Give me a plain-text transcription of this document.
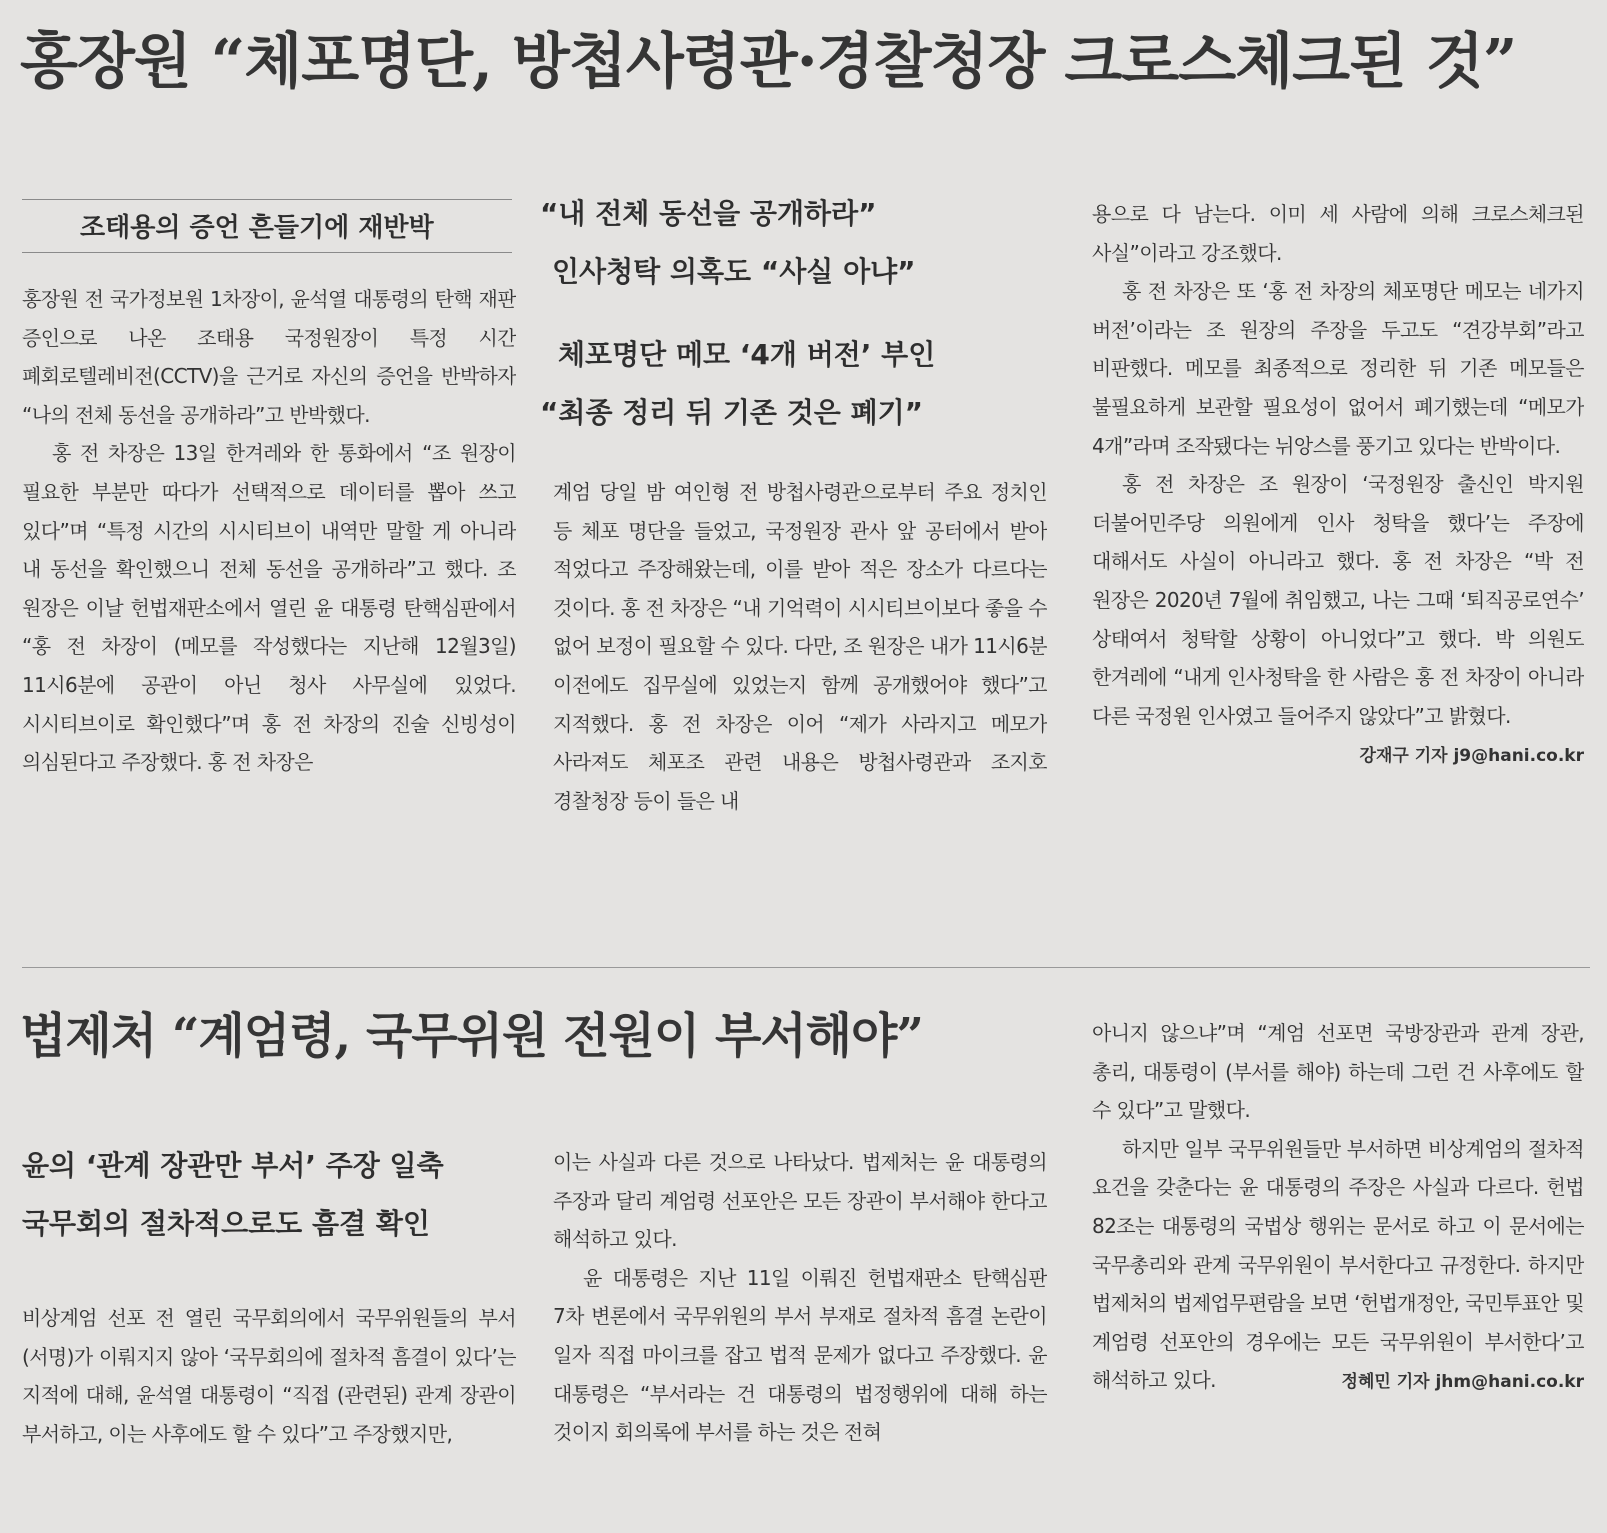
홍장원 “체포명단, 방첩사령관·경찰청장 크로스체크된 것”
조태용의 증언 흔들기에 재반박	“내 전체 동선을 공개하라”
인사청탁 의혹도 “사실 아냐”
체포명단 메모 ‘4개 버전’ 부인
“최종 정리 뒤 기존 것은 폐기”

홍장원 전 국가정보원 1차장이, 윤석열 대통령의 탄핵 재판 증인으로 나온 조태용 국정원장이 특정 시간 폐회로텔레비전(CCTV)을 근거로 자신의 증언을 반박하자 “나의 전체 동선을 공개하라”고 반박했다.

홍 전 차장은 13일 한겨레와 한 통화에서 “조 원장이 필요한 부분만 따다가 선택적으로 데이터를 뽑아 쓰고 있다”며 “특정 시간의 시시티브이 내역만 말할 게 아니라 내 동선을 확인했으니 전체 동선을 공개하라”고 했다. 조 원장은 이날 헌법재판소에서 열린 윤 대통령 탄핵심판에서 “홍 전 차장이 (메모를 작성했다는 지난해 12월3일) 11시6분에 공관이 아닌 청사 사무실에 있었다. 시시티브이로 확인했다”며 홍 전 차장의 진술 신빙성이 의심된다고 주장했다. 홍 전 차장은

계엄 당일 밤 여인형 전 방첩사령관으로부터 주요 정치인 등 체포 명단을 들었고, 국정원장 관사 앞 공터에서 받아 적었다고 주장해왔는데, 이를 받아 적은 장소가 다르다는 것이다. 홍 전 차장은 “내 기억력이 시시티브이보다 좋을 수 없어 보정이 필요할 수 있다. 다만, 조 원장은 내가 11시6분 이전에도 집무실에 있었는지 함께 공개했어야 했다”고 지적했다. 홍 전 차장은 이어 “제가 사라지고 메모가 사라져도 체포조 관련 내용은 방첩사령관과 조지호 경찰청장 등이 들은 내

용으로 다 남는다. 이미 세 사람에 의해 크로스체크된 사실”이라고 강조했다.

홍 전 차장은 또 ‘홍 전 차장의 체포명단 메모는 네가지 버전’이라는 조 원장의 주장을 두고도 “견강부회”라고 비판했다. 메모를 최종적으로 정리한 뒤 기존 메모들은 불필요하게 보관할 필요성이 없어서 폐기했는데 “메모가 4개”라며 조작됐다는 뉘앙스를 풍기고 있다는 반박이다.

홍 전 차장은 조 원장이 ‘국정원장 출신인 박지원 더불어민주당 의원에게 인사 청탁을 했다’는 주장에 대해서도 사실이 아니라고 했다. 홍 전 차장은 “박 전 원장은 2020년 7월에 취임했고, 나는 그때 ‘퇴직공로연수’ 상태여서 청탁할 상황이 아니었다”고 했다. 박 의원도 한겨레에 “내게 인사청탁을 한 사람은 홍 전 차장이 아니라 다른 국정원 인사였고 들어주지 않았다”고 밝혔다.
강재구 기자 j9@hani.co.kr

법제처 “계엄령, 국무위원 전원이 부서해야”
윤의 ‘관계 장관만 부서’ 주장 일축
국무회의 절차적으로도 흠결 확인

비상계엄 선포 전 열린 국무회의에서 국무위원들의 부서(서명)가 이뤄지지 않아 ‘국무회의에 절차적 흠결이 있다’는 지적에 대해, 윤석열 대통령이 “직접 (관련된) 관계 장관이 부서하고, 이는 사후에도 할 수 있다”고 주장했지만,

이는 사실과 다른 것으로 나타났다. 법제처는 윤 대통령의 주장과 달리 계엄령 선포안은 모든 장관이 부서해야 한다고 해석하고 있다.

윤 대통령은 지난 11일 이뤄진 헌법재판소 탄핵심판 7차 변론에서 국무위원의 부서 부재로 절차적 흠결 논란이 일자 직접 마이크를 잡고 법적 문제가 없다고 주장했다. 윤 대통령은 “부서라는 건 대통령의 법정행위에 대해 하는 것이지 회의록에 부서를 하는 것은 전혀

아니지 않으냐”며 “계엄 선포면 국방장관과 관계 장관, 총리, 대통령이 (부서를 해야) 하는데 그런 건 사후에도 할 수 있다”고 말했다.

하지만 일부 국무위원들만 부서하면 비상계엄의 절차적 요건을 갖춘다는 윤 대통령의 주장은 사실과 다르다. 헌법 82조는 대통령의 국법상 행위는 문서로 하고 이 문서에는 국무총리와 관계 국무위원이 부서한다고 규정한다. 하지만 법제처의 법제업무편람을 보면 ‘헌법개정안, 국민투표안 및 계엄령 선포안의 경우에는 모든 국무위원이 부서한다’고 해석하고 있다.	정혜민 기자 jhm@hani.co.kr
